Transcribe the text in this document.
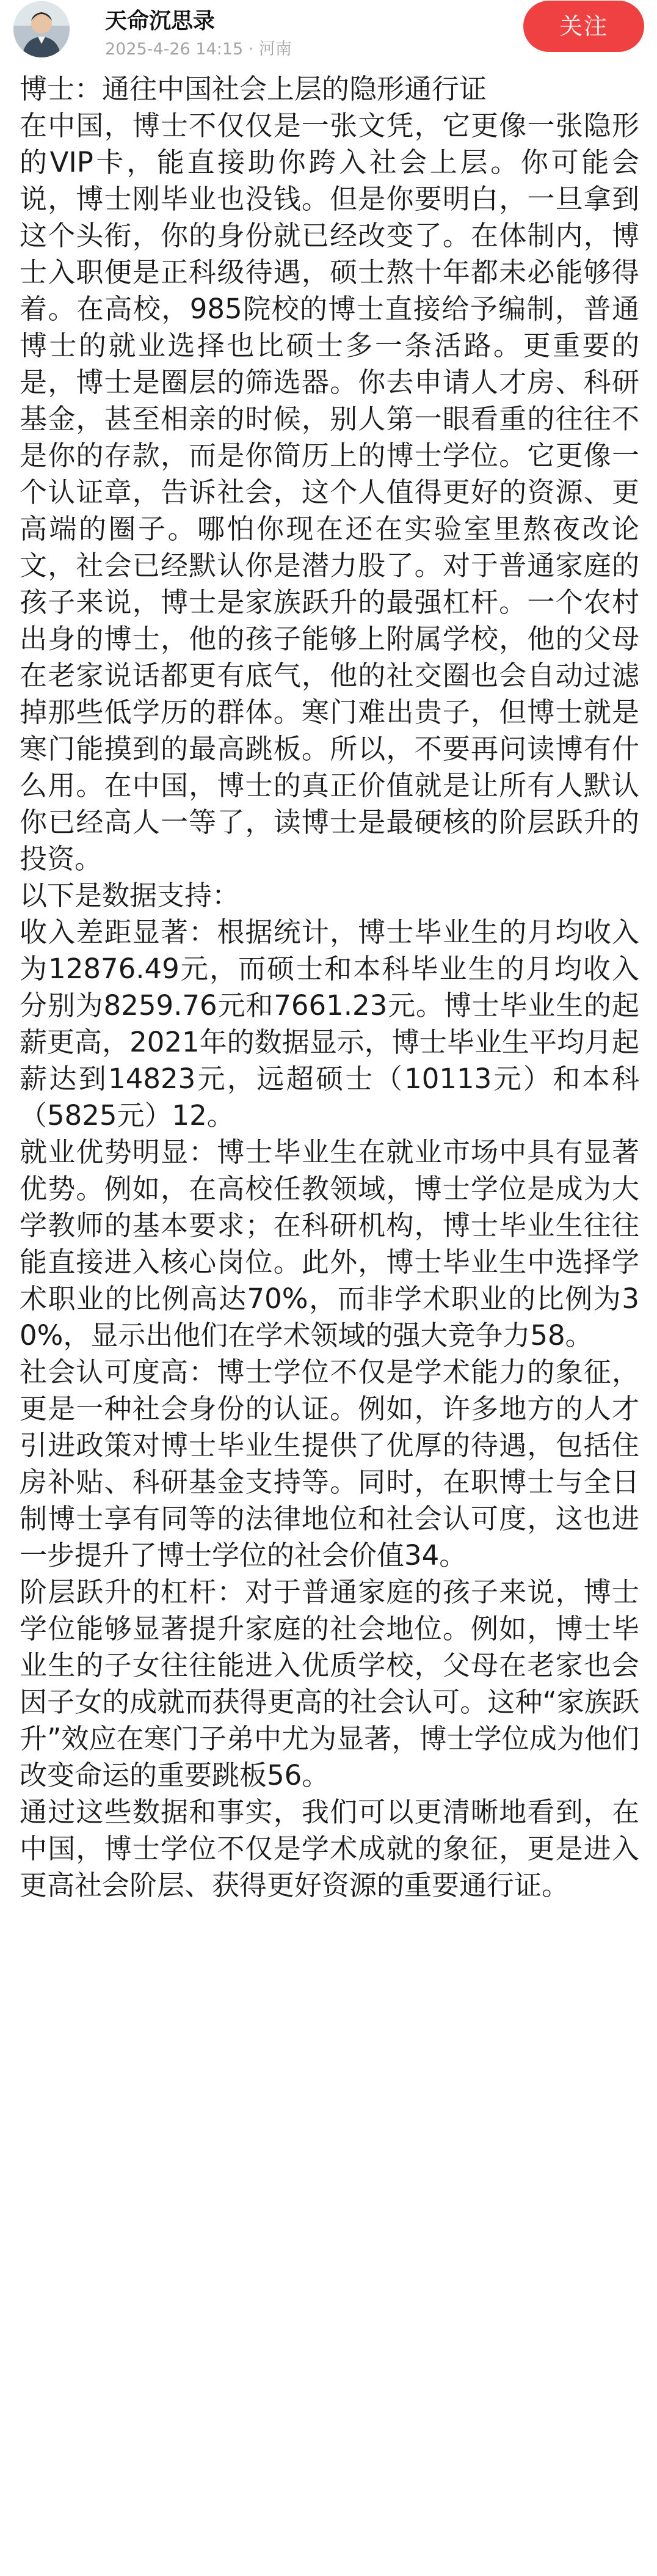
天命沉思录
2025-4-26 14:15 · 河南
关注

博士：通往中国社会上层的隐形通行证

在中国，博士不仅仅是一张文凭，它更像一张隐形的VIP卡，能直接助你跨入社会上层。你可能会说，博士刚毕业也没钱。但是你要明白，一旦拿到这个头衔，你的身份就已经改变了。在体制内，博士入职便是正科级待遇，硕士熬十年都未必能够得着。在高校，985院校的博士直接给予编制，普通博士的就业选择也比硕士多一条活路。更重要的是，博士是圈层的筛选器。你去申请人才房、科研基金，甚至相亲的时候，别人第一眼看重的往往不是你的存款，而是你简历上的博士学位。它更像一个认证章，告诉社会，这个人值得更好的资源、更高端的圈子。哪怕你现在还在实验室里熬夜改论文，社会已经默认你是潜力股了。对于普通家庭的孩子来说，博士是家族跃升的最强杠杆。一个农村出身的博士，他的孩子能够上附属学校，他的父母在老家说话都更有底气，他的社交圈也会自动过滤掉那些低学历的群体。寒门难出贵子，但博士就是寒门能摸到的最高跳板。所以，不要再问读博有什么用。在中国，博士的真正价值就是让所有人默认你已经高人一等了，读博士是最硬核的阶层跃升的投资。

以下是数据支持：

收入差距显著：根据统计，博士毕业生的月均收入为12876.49元，而硕士和本科毕业生的月均收入分别为8259.76元和7661.23元。博士毕业生的起薪更高，2021年的数据显示，博士毕业生平均月起薪达到14823元，远超硕士（10113元）和本科（5825元）12。

就业优势明显：博士毕业生在就业市场中具有显著优势。例如，在高校任教领域，博士学位是成为大学教师的基本要求；在科研机构，博士毕业生往往能直接进入核心岗位。此外，博士毕业生中选择学术职业的比例高达70%，而非学术职业的比例为30%，显示出他们在学术领域的强大竞争力58。

社会认可度高：博士学位不仅是学术能力的象征，更是一种社会身份的认证。例如，许多地方的人才引进政策对博士毕业生提供了优厚的待遇，包括住房补贴、科研基金支持等。同时，在职博士与全日制博士享有同等的法律地位和社会认可度，这也进一步提升了博士学位的社会价值34。

阶层跃升的杠杆：对于普通家庭的孩子来说，博士学位能够显著提升家庭的社会地位。例如，博士毕业生的子女往往能进入优质学校，父母在老家也会因子女的成就而获得更高的社会认可。这种“家族跃升”效应在寒门子弟中尤为显著，博士学位成为他们改变命运的重要跳板56。

通过这些数据和事实，我们可以更清晰地看到，在中国，博士学位不仅是学术成就的象征，更是进入更高社会阶层、获得更好资源的重要通行证。
